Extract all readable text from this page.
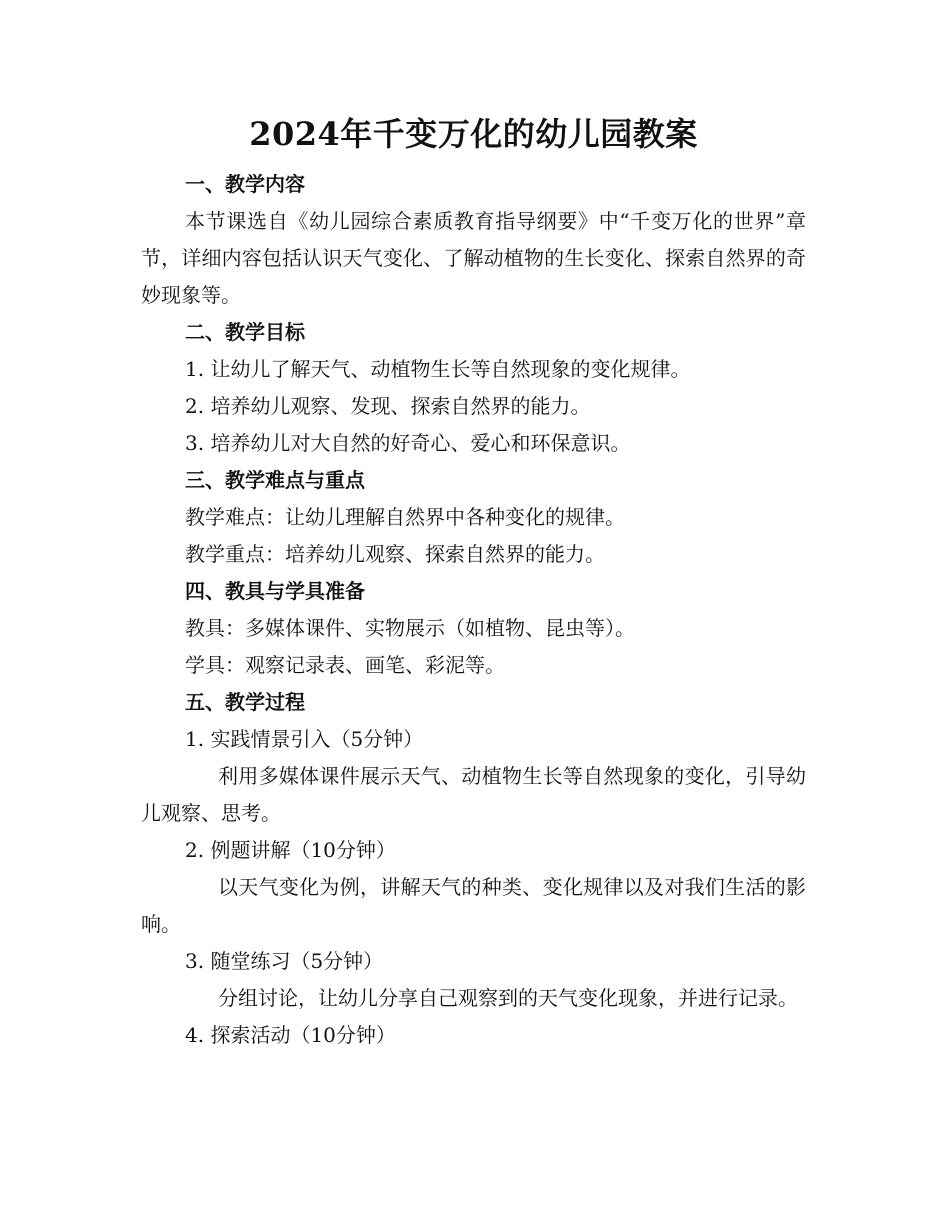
2024年千变万化的幼儿园教案
一、教学内容

本节课选自《幼儿园综合素质教育指导纲要》中“千变万化的世界”章节，详细内容包括认识天气变化、了解动植物的生长变化、探索自然界的奇妙现象等。

二、教学目标
1. 让幼儿了解天气、动植物生长等自然现象的变化规律。
2. 培养幼儿观察、发现、探索自然界的能力。
3. 培养幼儿对大自然的好奇心、爱心和环保意识。
三、教学难点与重点
教学难点：让幼儿理解自然界中各种变化的规律。
教学重点：培养幼儿观察、探索自然界的能力。
四、教具与学具准备
教具：多媒体课件、实物展示（如植物、昆虫等）。
学具：观察记录表、画笔、彩泥等。
五、教学过程
1. 实践情景引入（5分钟）

利用多媒体课件展示天气、动植物生长等自然现象的变化，引导幼儿观察、思考。

2. 例题讲解（10分钟）

以天气变化为例，讲解天气的种类、变化规律以及对我们生活的影响。

3. 随堂练习（5分钟）

分组讨论，让幼儿分享自己观察到的天气变化现象，并进行记录。

4. 探索活动（10分钟）
